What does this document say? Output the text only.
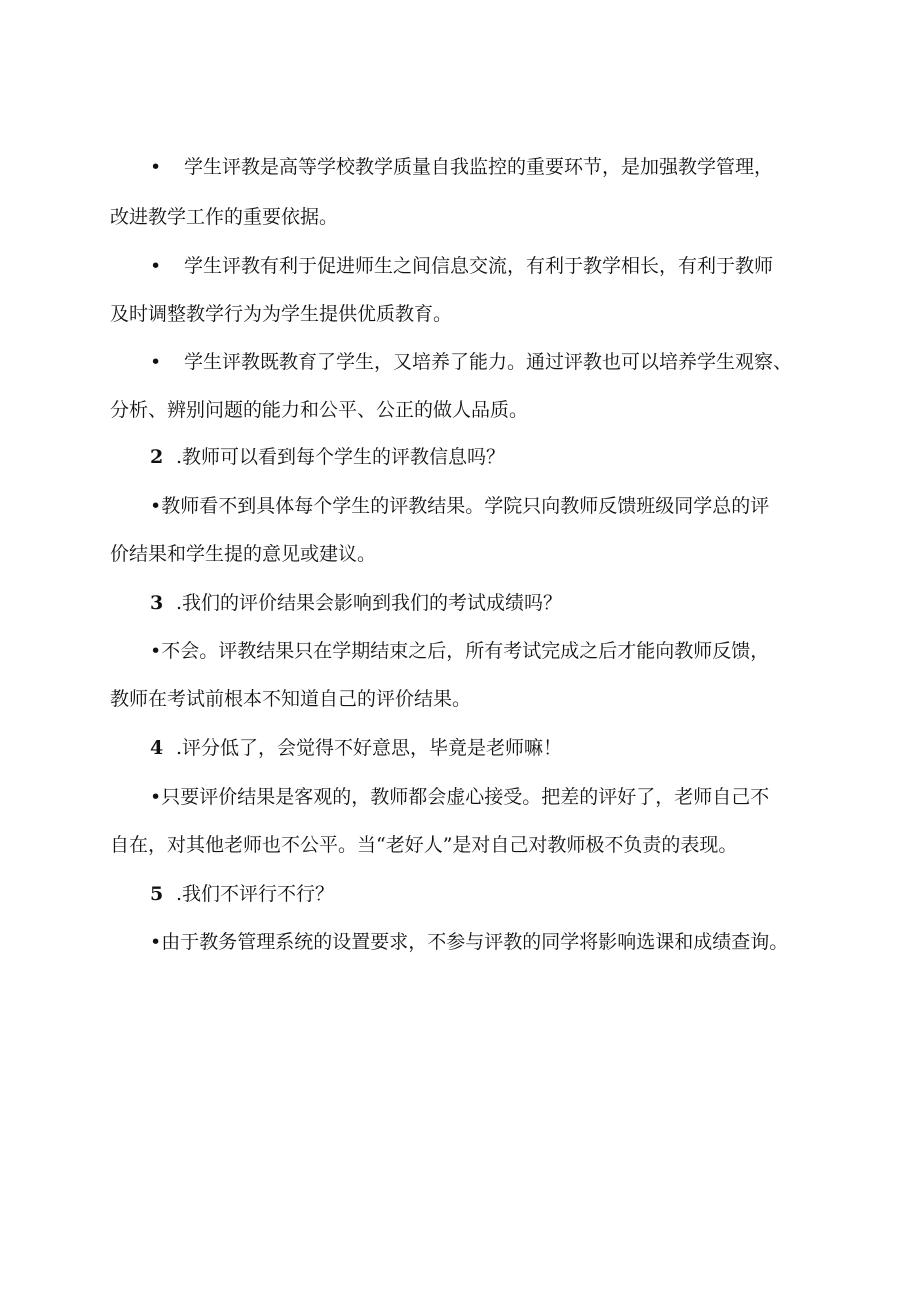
• 学生评教是高等学校教学质量自我监控的重要环节，是加强教学管理，
改进教学工作的重要依据。
• 学生评教有利于促进师生之间信息交流，有利于教学相长，有利于教师
及时调整教学行为为学生提供优质教育。
• 学生评教既教育了学生，又培养了能力。通过评教也可以培养学生观察、
分析、辨别问题的能力和公平、公正的做人品质。
2 .教师可以看到每个学生的评教信息吗？
•教师看不到具体每个学生的评教结果。学院只向教师反馈班级同学总的评
价结果和学生提的意见或建议。
3 .我们的评价结果会影响到我们的考试成绩吗？
•不会。评教结果只在学期结束之后，所有考试完成之后才能向教师反馈，
教师在考试前根本不知道自己的评价结果。
4 .评分低了，会觉得不好意思，毕竟是老师嘛！
•只要评价结果是客观的，教师都会虚心接受。把差的评好了，老师自己不
自在，对其他老师也不公平。当“老好人”是对自己对教师极不负责的表现。
5 .我们不评行不行？
•由于教务管理系统的设置要求，不参与评教的同学将影响选课和成绩查询。
